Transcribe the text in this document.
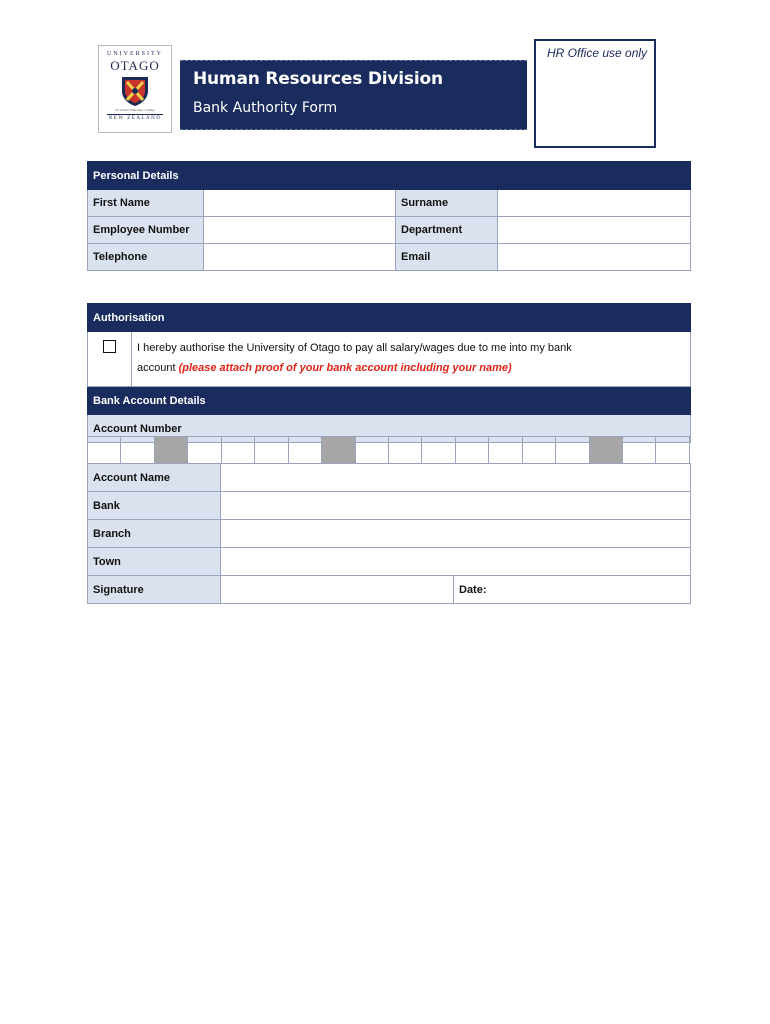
UNIVERSITY
OTAGO
Te Whare Wānanga o Otāgo
NEW ZEALAND
Human Resources Division
Bank Authority Form
HR Office use only
Personal Details			
First Name		Surname	
Employee Number		Department	
Telephone		Email	
Authorisation

I hereby authorise the University of Otago to pay all salary/wages due to me into my bank
account (please attach proof of your bank account including your name)

Bank Account Details
Account Number

Account Name		
Bank		
Branch		
Town		
Signature		Date:
